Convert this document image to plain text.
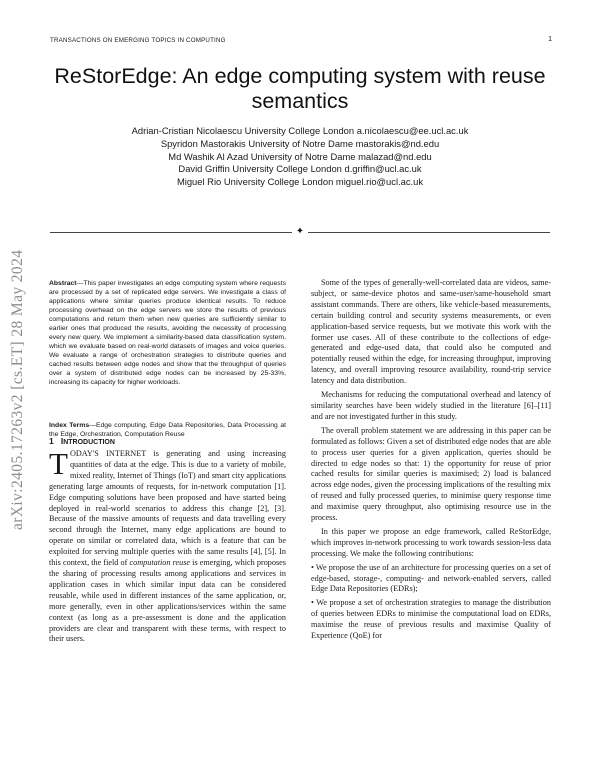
TRANSACTIONS ON EMERGING TOPICS IN COMPUTING	1
arXiv:2405.17263v2 [cs.ET] 28 May 2024
ReStorEdge: An edge computing system with reuse semantics
Adrian-Cristian Nicolaescu University College London a.nicolaescu@ee.ucl.ac.uk
Spyridon Mastorakis University of Notre Dame mastorakis@nd.edu
Md Washik Al Azad University of Notre Dame malazad@nd.edu
David Griffin University College London d.griffin@ucl.ac.uk
Miguel Rio University College London miguel.rio@ucl.ac.uk
✦

Abstract—This paper investigates an edge computing system where requests are processed by a set of replicated edge servers. We investigate a class of applications where similar queries produce identical results. To reduce processing overhead on the edge servers we store the results of previous computations and return them when new queries are sufficiently similar to earlier ones that produced the results, avoiding the necessity of processing every new query. We implement a similarity-based data classification system, which we evaluate based on real-world datasets of images and voice queries. We evaluate a range of orchestration strategies to distribute queries and cached results between edge nodes and show that the throughput of queries over a system of distributed edge nodes can be increased by 25-33%, increasing its capacity for higher workloads.

Index Terms—Edge computing, Edge Data Repositories, Data Processing at the Edge, Orchestration, Computation Reuse
1 INTRODUCTION

TODAY'S INTERNET is generating and using increasing quantities of data at the edge. This is due to a variety of mobile, mixed reality, Internet of Things (IoT) and smart city applications generating large amounts of requests, for in-network computation [1]. Edge computing solutions have been proposed and have started being deployed in real-world scenarios to address this change [2], [3]. Because of the massive amounts of requests and data travelling every second through the Internet, many edge applications are bound to operate on similar or correlated data, which is a feature that can be exploited for serving multiple queries with the same results [4], [5]. In this context, the field of computation reuse is emerging, which proposes the sharing of processing results among applications and services in application cases in which similar input data can be considered reusable, while used in different instances of the same application, or, more generally, even in other applications/services within the same context (as long as a pre-assessment is done and the application providers are clear and transparent with these terms, with respect to their users.

Some of the types of generally-well-correlated data are videos, same-subject, or same-device photos and same-user/same-household smart assistant commands. There are others, like vehicle-based measurements, certain building control and security systems measurements, or even application-based service requests, but we motivate this work with the former use cases. All of these contribute to the collections of edge-generated and edge-used data, that could also be computed and potentially reused within the edge, for increasing throughput, improving latency, and overall improving resource availability, round-trip service latency and data distribution.

Mechanisms for reducing the computational overhead and latency of similarity searches have been widely studied in the literature [6]–[11] and are not investigated further in this study.

The overall problem statement we are addressing in this paper can be formulated as follows: Given a set of distributed edge nodes that are able to process user queries for a given application, queries should be directed to edge nodes so that: 1) the opportunity for reuse of prior cached results for similar queries is maximised; 2) load is balanced across edge nodes, given the processing implications of the resulting mix of reused and fully processed queries, to minimise query response time and maximise query throughput, also optimising resource use in the process.

In this paper we propose an edge framework, called ReStorEdge, which improves in-network processing to work towards session-less data processing. We make the following contributions:

• We propose the use of an architecture for processing queries on a set of edge-based, storage-, computing- and network-enabled servers, called Edge Data Repositories (EDRs);
• We propose a set of orchestration strategies to manage the distribution of queries between EDRs to minimise the computational load on EDRs, maximise the reuse of previous results and maximise Quality of Experience (QoE) for
